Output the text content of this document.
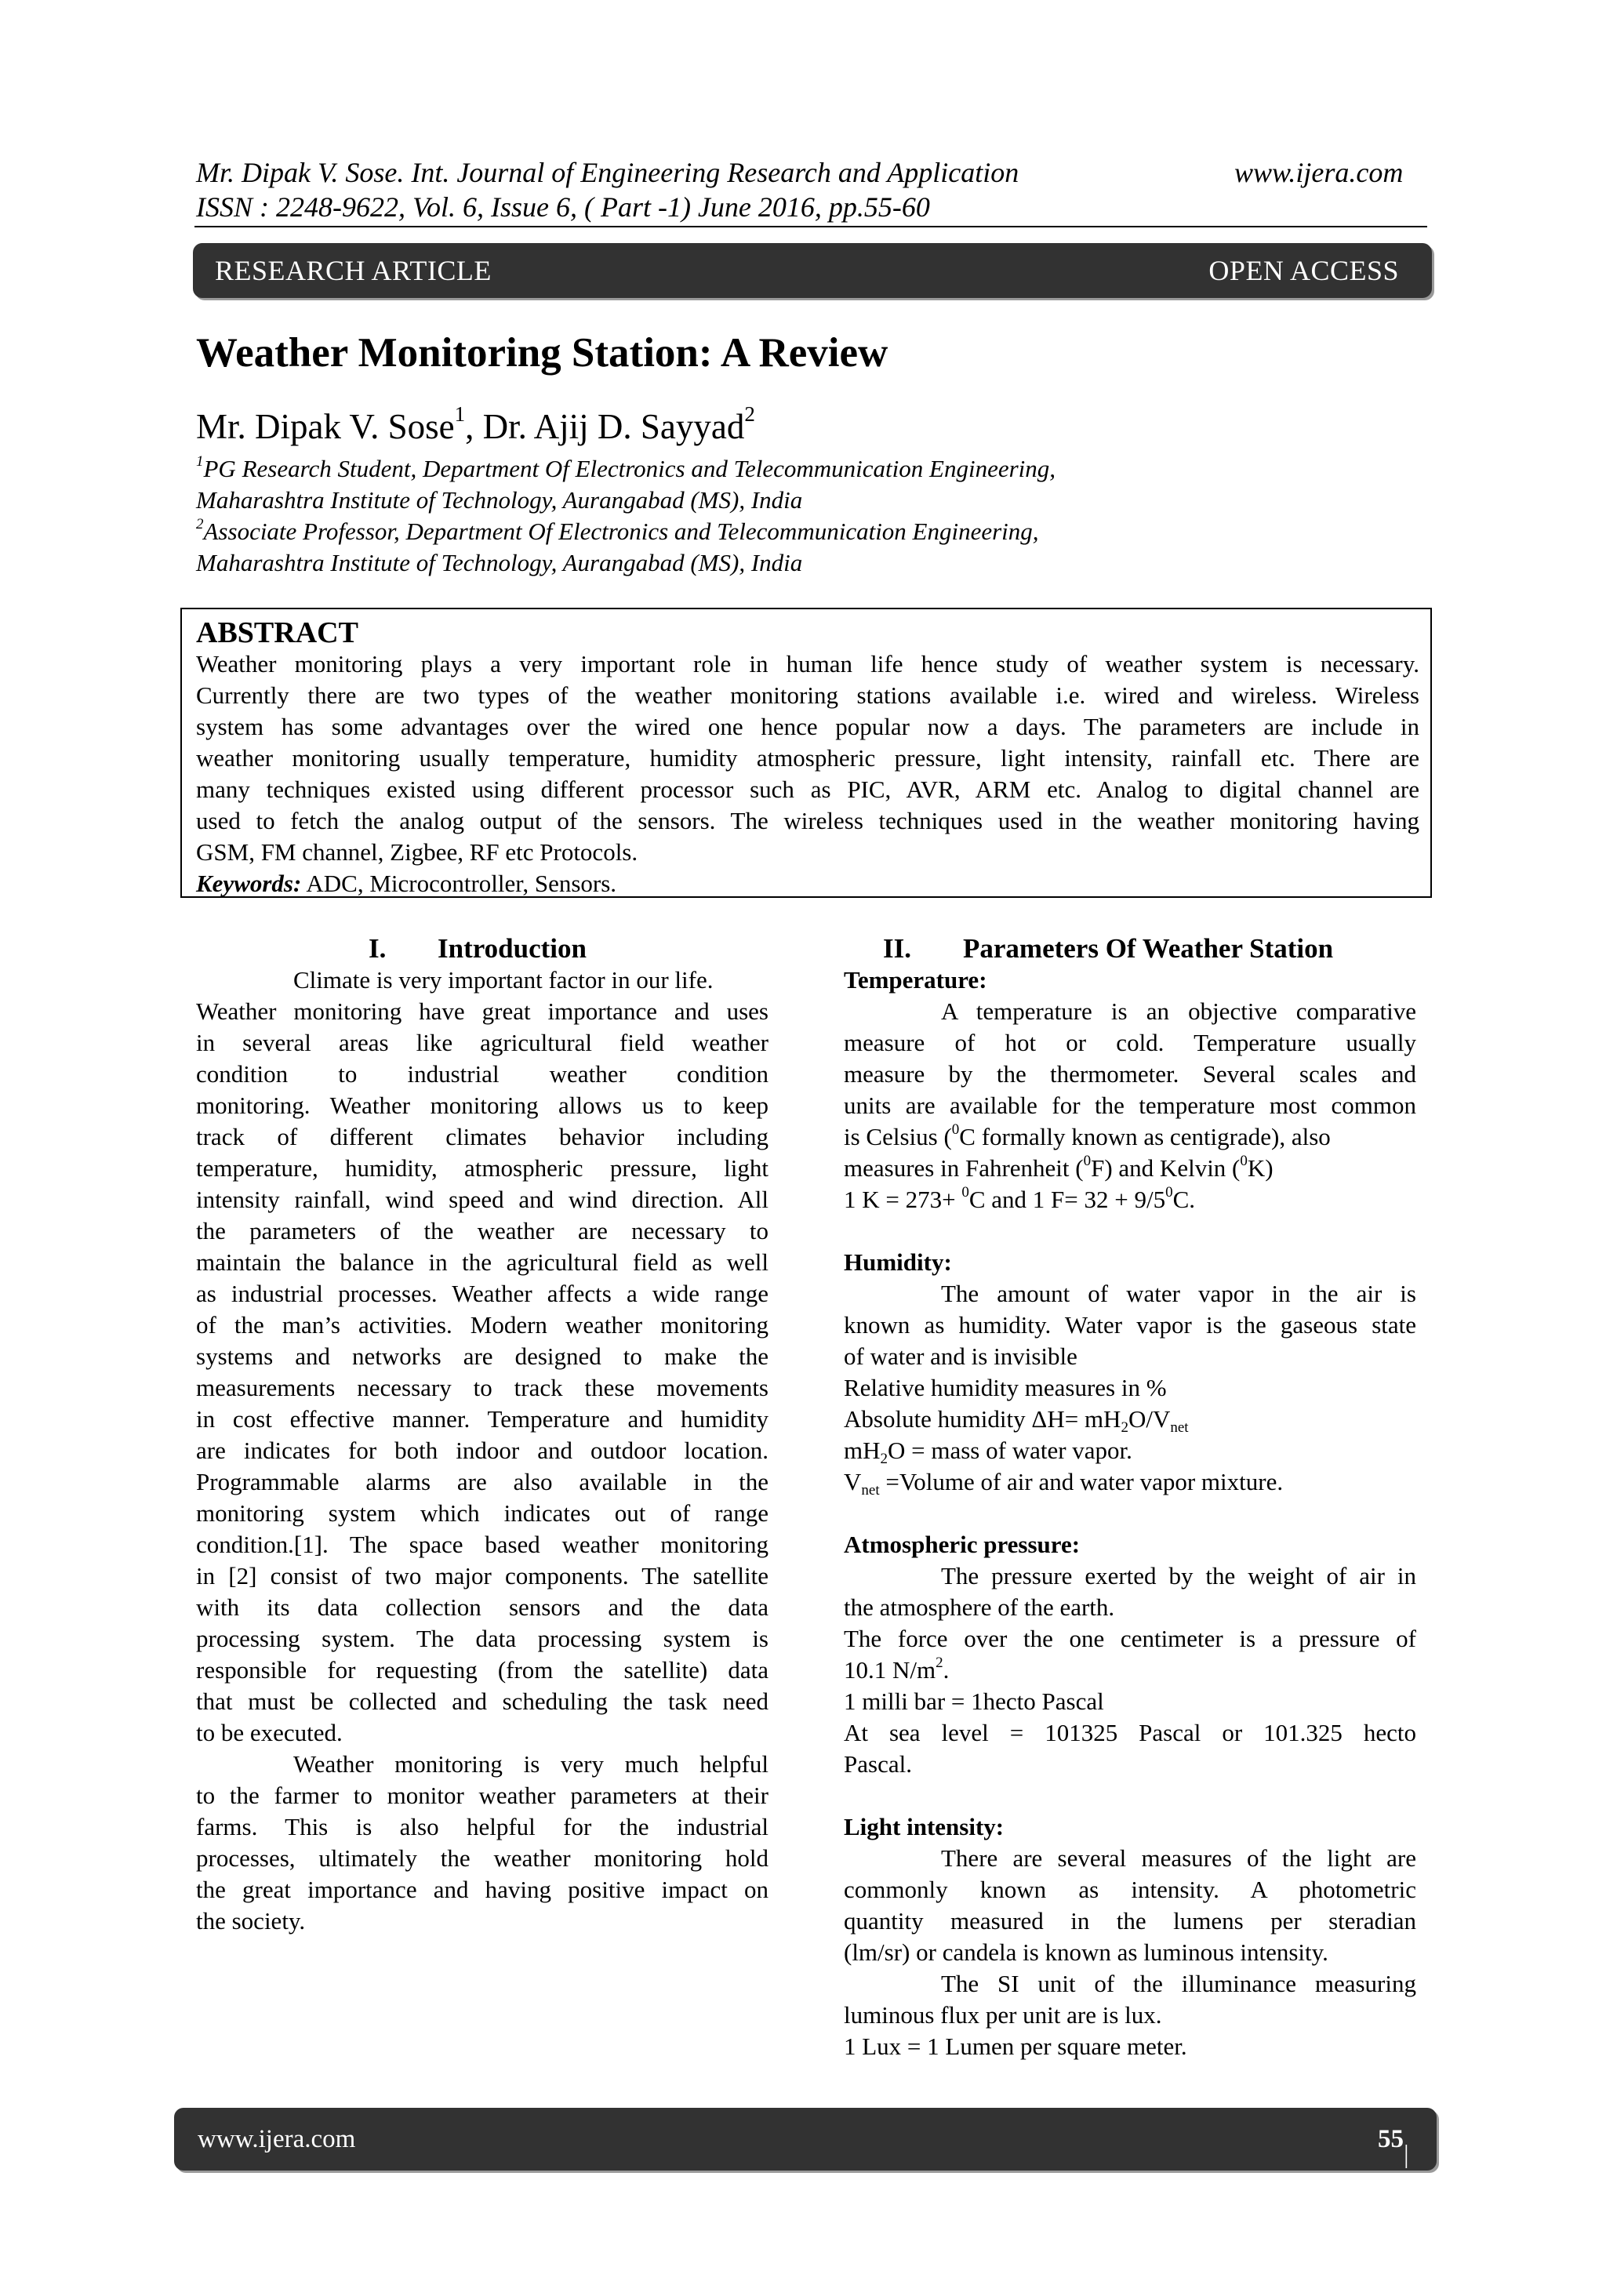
Mr. Dipak V. Sose. Int. Journal of Engineering Research and Application	www.ijera.com
ISSN : 2248-9622, Vol. 6, Issue 6, ( Part -1) June 2016, pp.55-60
RESEARCH ARTICLE	OPEN ACCESS
Weather Monitoring Station: A Review
Mr. Dipak V. Sose$^1$, Dr. Ajij D. Sayyad$^2$
$^1$PG Research Student, Department Of Electronics and Telecommunication Engineering,
Maharashtra Institute of Technology, Aurangabad (MS), India
$^2$Associate Professor, Department Of Electronics and Telecommunication Engineering,
Maharashtra Institute of Technology, Aurangabad (MS), India
ABSTRACT
Weather monitoring plays a very important role in human life hence study of weather system is necessary.
Currently there are two types of the weather monitoring stations available i.e. wired and wireless. Wireless
system has some advantages over the wired one hence popular now a days. The parameters are include in
weather monitoring usually temperature, humidity atmospheric pressure, light intensity, rainfall etc. There are
many techniques existed using different processor such as PIC, AVR, ARM etc. Analog to digital channel are
used to fetch the analog output of the sensors. The wireless techniques used in the weather monitoring having
GSM, FM channel, Zigbee, RF etc Protocols.
Keywords: ADC, Microcontroller, Sensors.
I. Introduction
Climate is very important factor in our life.
Weather monitoring have great importance and uses
in several areas like agricultural field weather
condition to industrial weather condition
monitoring. Weather monitoring allows us to keep
track of different climates behavior including
temperature, humidity, atmospheric pressure, light
intensity rainfall, wind speed and wind direction. All
the parameters of the weather are necessary to
maintain the balance in the agricultural field as well
as industrial processes. Weather affects a wide range
of the man’s activities. Modern weather monitoring
systems and networks are designed to make the
measurements necessary to track these movements
in cost effective manner. Temperature and humidity
are indicates for both indoor and outdoor location.
Programmable alarms are also available in the
monitoring system which indicates out of range
condition.[1]. The space based weather monitoring
in [2] consist of two major components. The satellite
with its data collection sensors and the data
processing system. The data processing system is
responsible for requesting (from the satellite) data
that must be collected and scheduling the task need
to be executed.
Weather monitoring is very much helpful
to the farmer to monitor weather parameters at their
farms. This is also helpful for the industrial
processes, ultimately the weather monitoring hold
the great importance and having positive impact on
the society.
II. Parameters Of Weather Station
Temperature:
A temperature is an objective comparative
measure of hot or cold. Temperature usually
measure by the thermometer. Several scales and
units are available for the temperature most common
is Celsius ($^0$C formally known as centigrade), also
measures in Fahrenheit ($^0$F) and Kelvin ($^0$K)
1 K = 273+ $^0$C and 1 $F= 32 + 9/5^0C$.
Humidity:
The amount of water vapor in the air is
known as humidity. Water vapor is the gaseous state
of water and is invisible
Relative humidity measures in %
Absolute humidity $\Delta H= mH_2O/V_{net}$
$mH_2O$ = mass of water vapor.
$V_{net}$ =Volume of air and water vapor mixture.
Atmospheric pressure:
The pressure exerted by the weight of air in
the atmosphere of the earth.
The force over the one centimeter is a pressure of
10.1 $N/m^2$.
1 milli bar = 1hecto Pascal
At sea level = 101325 Pascal or 101.325 hecto
Pascal.
Light intensity:
There are several measures of the light are
commonly known as intensity. A photometric
quantity measured in the lumens per steradian
(lm/sr) or candela is known as luminous intensity.
The SI unit of the illuminance measuring
luminous flux per unit are is lux.
1 Lux = 1 Lumen per square meter.
www.ijera.com	55
| P a g e
